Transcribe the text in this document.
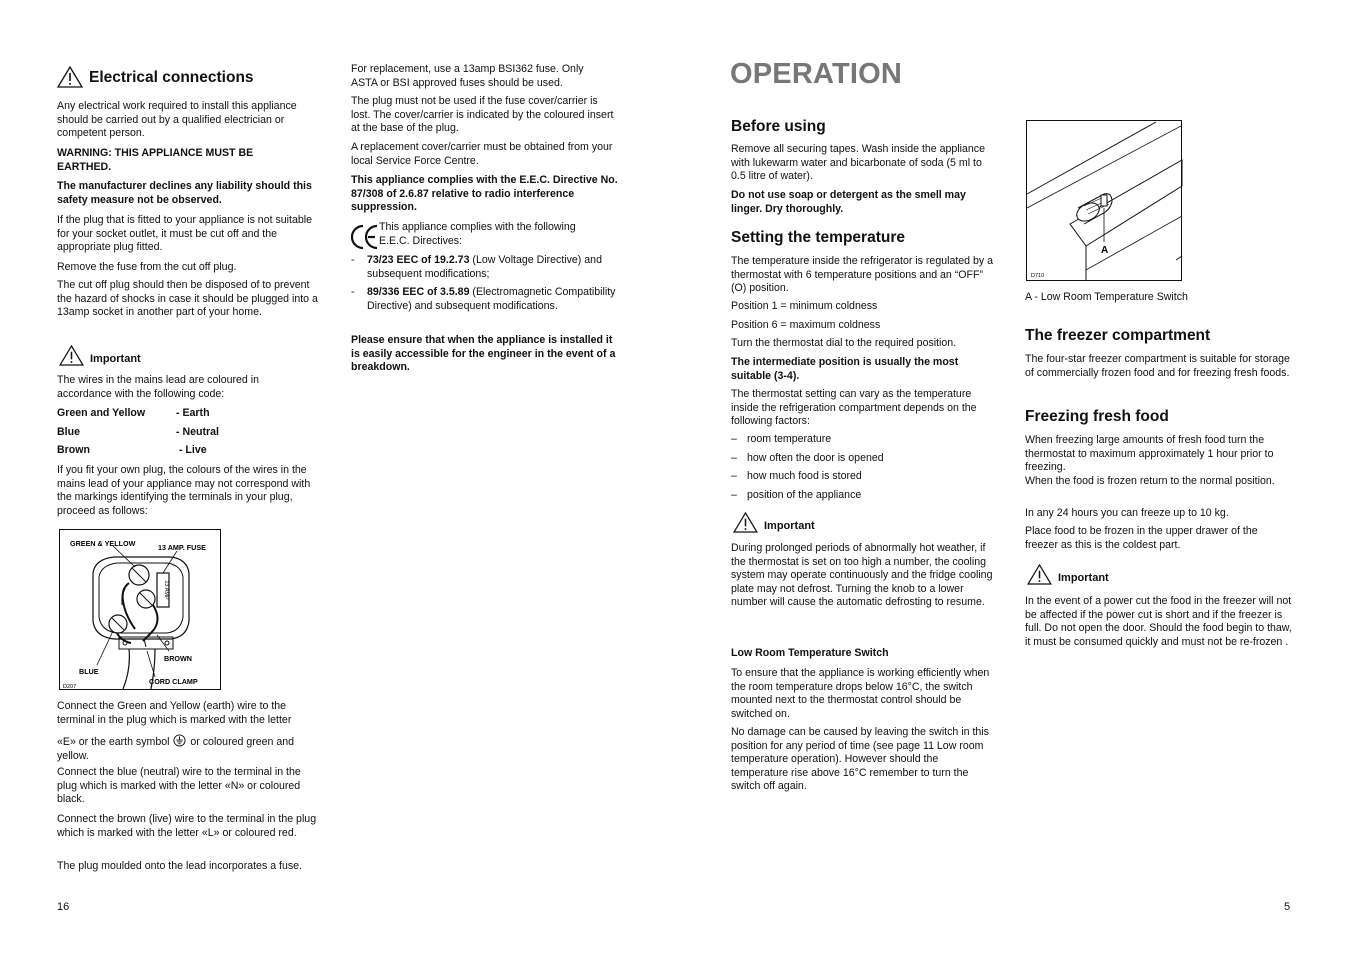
Electrical connections

Any electrical work required to install this appliance should be carried out by a qualified electrician or competent person.

WARNING: THIS APPLIANCE MUST BE EARTHED.

The manufacturer declines any liability should this safety measure not be observed.

If the plug that is fitted to your appliance is not suitable for your socket outlet, it must be cut off and the appropriate plug fitted.

Remove the fuse from the cut off plug.

The cut off plug should then be disposed of to prevent the hazard of shocks in case it should be plugged into a 13amp socket in another part of your home.

Important

The wires in the mains lead are coloured in accordance with the following code:

Green and Yellow	- Earth
Blue	- Neutral
Brown	- Live

If you fit your own plug, the colours of the wires in the mains lead of your appliance may not correspond with the markings identifying the terminals in your plug, proceed as follows:

13 AMP
GREEN & YELLOW	13 AMP. FUSE
BROWN
BLUE
CORD CLAMP
D207

Connect the Green and Yellow (earth) wire to the terminal in the plug which is marked with the letter

«E» or the earth symbol or coloured green and yellow.

Connect the blue (neutral) wire to the terminal in the plug which is marked with the letter «N» or coloured black.

Connect the brown (live) wire to the terminal in the plug which is marked with the letter «L» or coloured red.

The plug moulded onto the lead incorporates a fuse.

16

For replacement, use a 13amp BSI362 fuse. Only ASTA or BSI approved fuses should be used.

The plug must not be used if the fuse cover/carrier is lost. The cover/carrier is indicated by the coloured insert at the base of the plug.

A replacement cover/carrier must be obtained from your local Service Force Centre.

This appliance complies with the E.E.C. Directive No. 87/308 of 2.6.87 relative to radio interference suppression.

This appliance complies with the following E.E.C. Directives:
-	73/23 EEC of 19.2.73 (Low Voltage Directive) and subsequent modifications;
-	89/336 EEC of 3.5.89 (Electromagnetic Compatibility Directive) and subsequent modifications.

Please ensure that when the appliance is installed it is easily accessible for the engineer in the event of a breakdown.

OPERATION
Before using

Remove all securing tapes. Wash inside the appliance with lukewarm water and bicarbonate of soda (5 ml to 0.5 litre of water).

Do not use soap or detergent as the smell may linger. Dry thoroughly.

Setting the temperature

The temperature inside the refrigerator is regulated by a thermostat with 6 temperature positions and an “OFF” (O) position.

Position 1 = minimum coldness

Position 6 = maximum coldness

Turn the thermostat dial to the required position.

The intermediate position is usually the most suitable (3-4).

The thermostat setting can vary as the temperature inside the refrigeration compartment depends on the following factors:

– room temperature
– how often the door is opened
– how much food is stored
– position of the appliance
Important

During prolonged periods of abnormally hot weather, if the thermostat is set on too high a number, the cooling system may operate continuously and the fridge cooling plate may not defrost. Turning the knob to a lower number will cause the automatic defrosting to resume.

Low Room Temperature Switch

To ensure that the appliance is working efficiently when the room temperature drops below 16°C, the switch mounted next to the thermostat control should be switched on.

No damage can be caused by leaving the switch in this position for any period of time (see page 11 Low room temperature operation). However should the temperature rise above 16°C remember to turn the switch off again.

A
D710

A - Low Room Temperature Switch

The freezer compartment

The four-star freezer compartment is suitable for storage of commercially frozen food and for freezing fresh foods.

Freezing fresh food

When freezing large amounts of fresh food turn the thermostat to maximum approximately 1 hour prior to freezing.
When the food is frozen return to the normal position.

In any 24 hours you can freeze up to 10 kg.

Place food to be frozen in the upper drawer of the freezer as this is the coldest part.

Important

In the event of a power cut the food in the freezer will not be affected if the power cut is short and if the freezer is full. Do not open the door. Should the food begin to thaw, it must be consumed quickly and must not be re-frozen .

5
